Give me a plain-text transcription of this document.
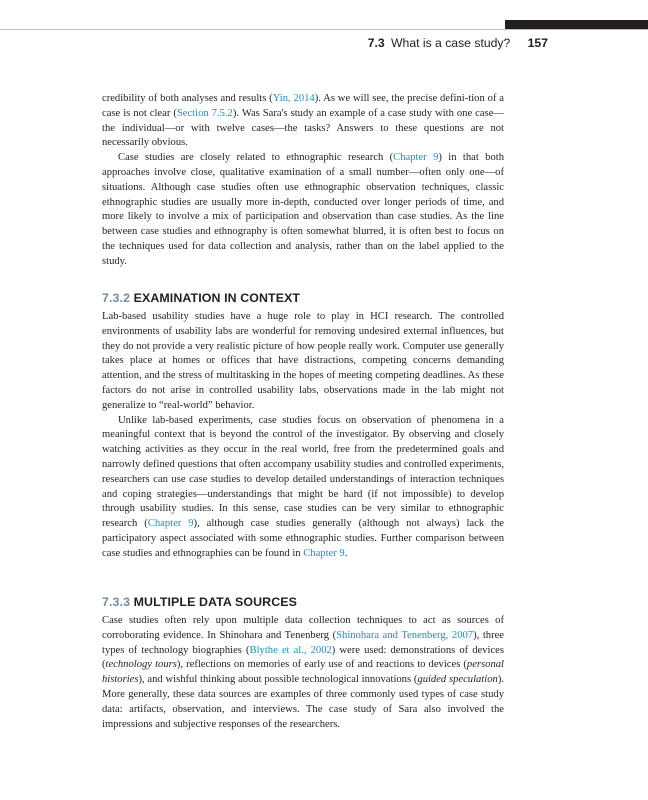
7.3 What is a case study? 157

credibility of both analyses and results (Yin, 2014). As we will see, the precise defini-tion of a case is not clear (Section 7.5.2). Was Sara's study an example of a case study with one case—the individual—or with twelve cases—the tasks? Answers to these questions are not necessarily obvious.

Case studies are closely related to ethnographic research (Chapter 9) in that both approaches involve close, qualitative examination of a small number—often only one—of situations. Although case studies often use ethnographic observation techniques, classic ethnographic studies are usually more in-depth, conducted over longer periods of time, and more likely to involve a mix of participation and observation than case studies. As the line between case studies and ethnography is often somewhat blurred, it is often best to focus on the techniques used for data collection and analysis, rather than on the label applied to the study.

7.3.2 EXAMINATION IN CONTEXT

Lab-based usability studies have a huge role to play in HCI research. The controlled environments of usability labs are wonderful for removing undesired external influences, but they do not provide a very realistic picture of how people really work. Computer use generally takes place at homes or offices that have distractions, competing concerns demanding attention, and the stress of multitasking in the hopes of meeting competing deadlines. As these factors do not arise in controlled usability labs, observations made in the lab might not generalize to “real-world” behavior.

Unlike lab-based experiments, case studies focus on observation of phenomena in a meaningful context that is beyond the control of the investigator. By observing and closely watching activities as they occur in the real world, free from the predetermined goals and narrowly defined questions that often accompany usability studies and controlled experiments, researchers can use case studies to develop detailed understandings of interaction techniques and coping strategies—understandings that might be hard (if not impossible) to develop through usability studies. In this sense, case studies can be very similar to ethnographic research (Chapter 9), although case studies generally (although not always) lack the participatory aspect associated with some ethnographic studies. Further comparison between case studies and ethnographies can be found in Chapter 9.

7.3.3 MULTIPLE DATA SOURCES

Case studies often rely upon multiple data collection techniques to act as sources of corroborating evidence. In Shinohara and Tenenberg (Shinohara and Tenenberg, 2007), three types of technology biographies (Blythe et al., 2002) were used: demonstrations of devices (technology tours), reflections on memories of early use of and reactions to devices (personal histories), and wishful thinking about possible technological innovations (guided speculation). More generally, these data sources are examples of three commonly used types of case study data: artifacts, observation, and interviews. The case study of Sara also involved the impressions and subjective responses of the researchers.
